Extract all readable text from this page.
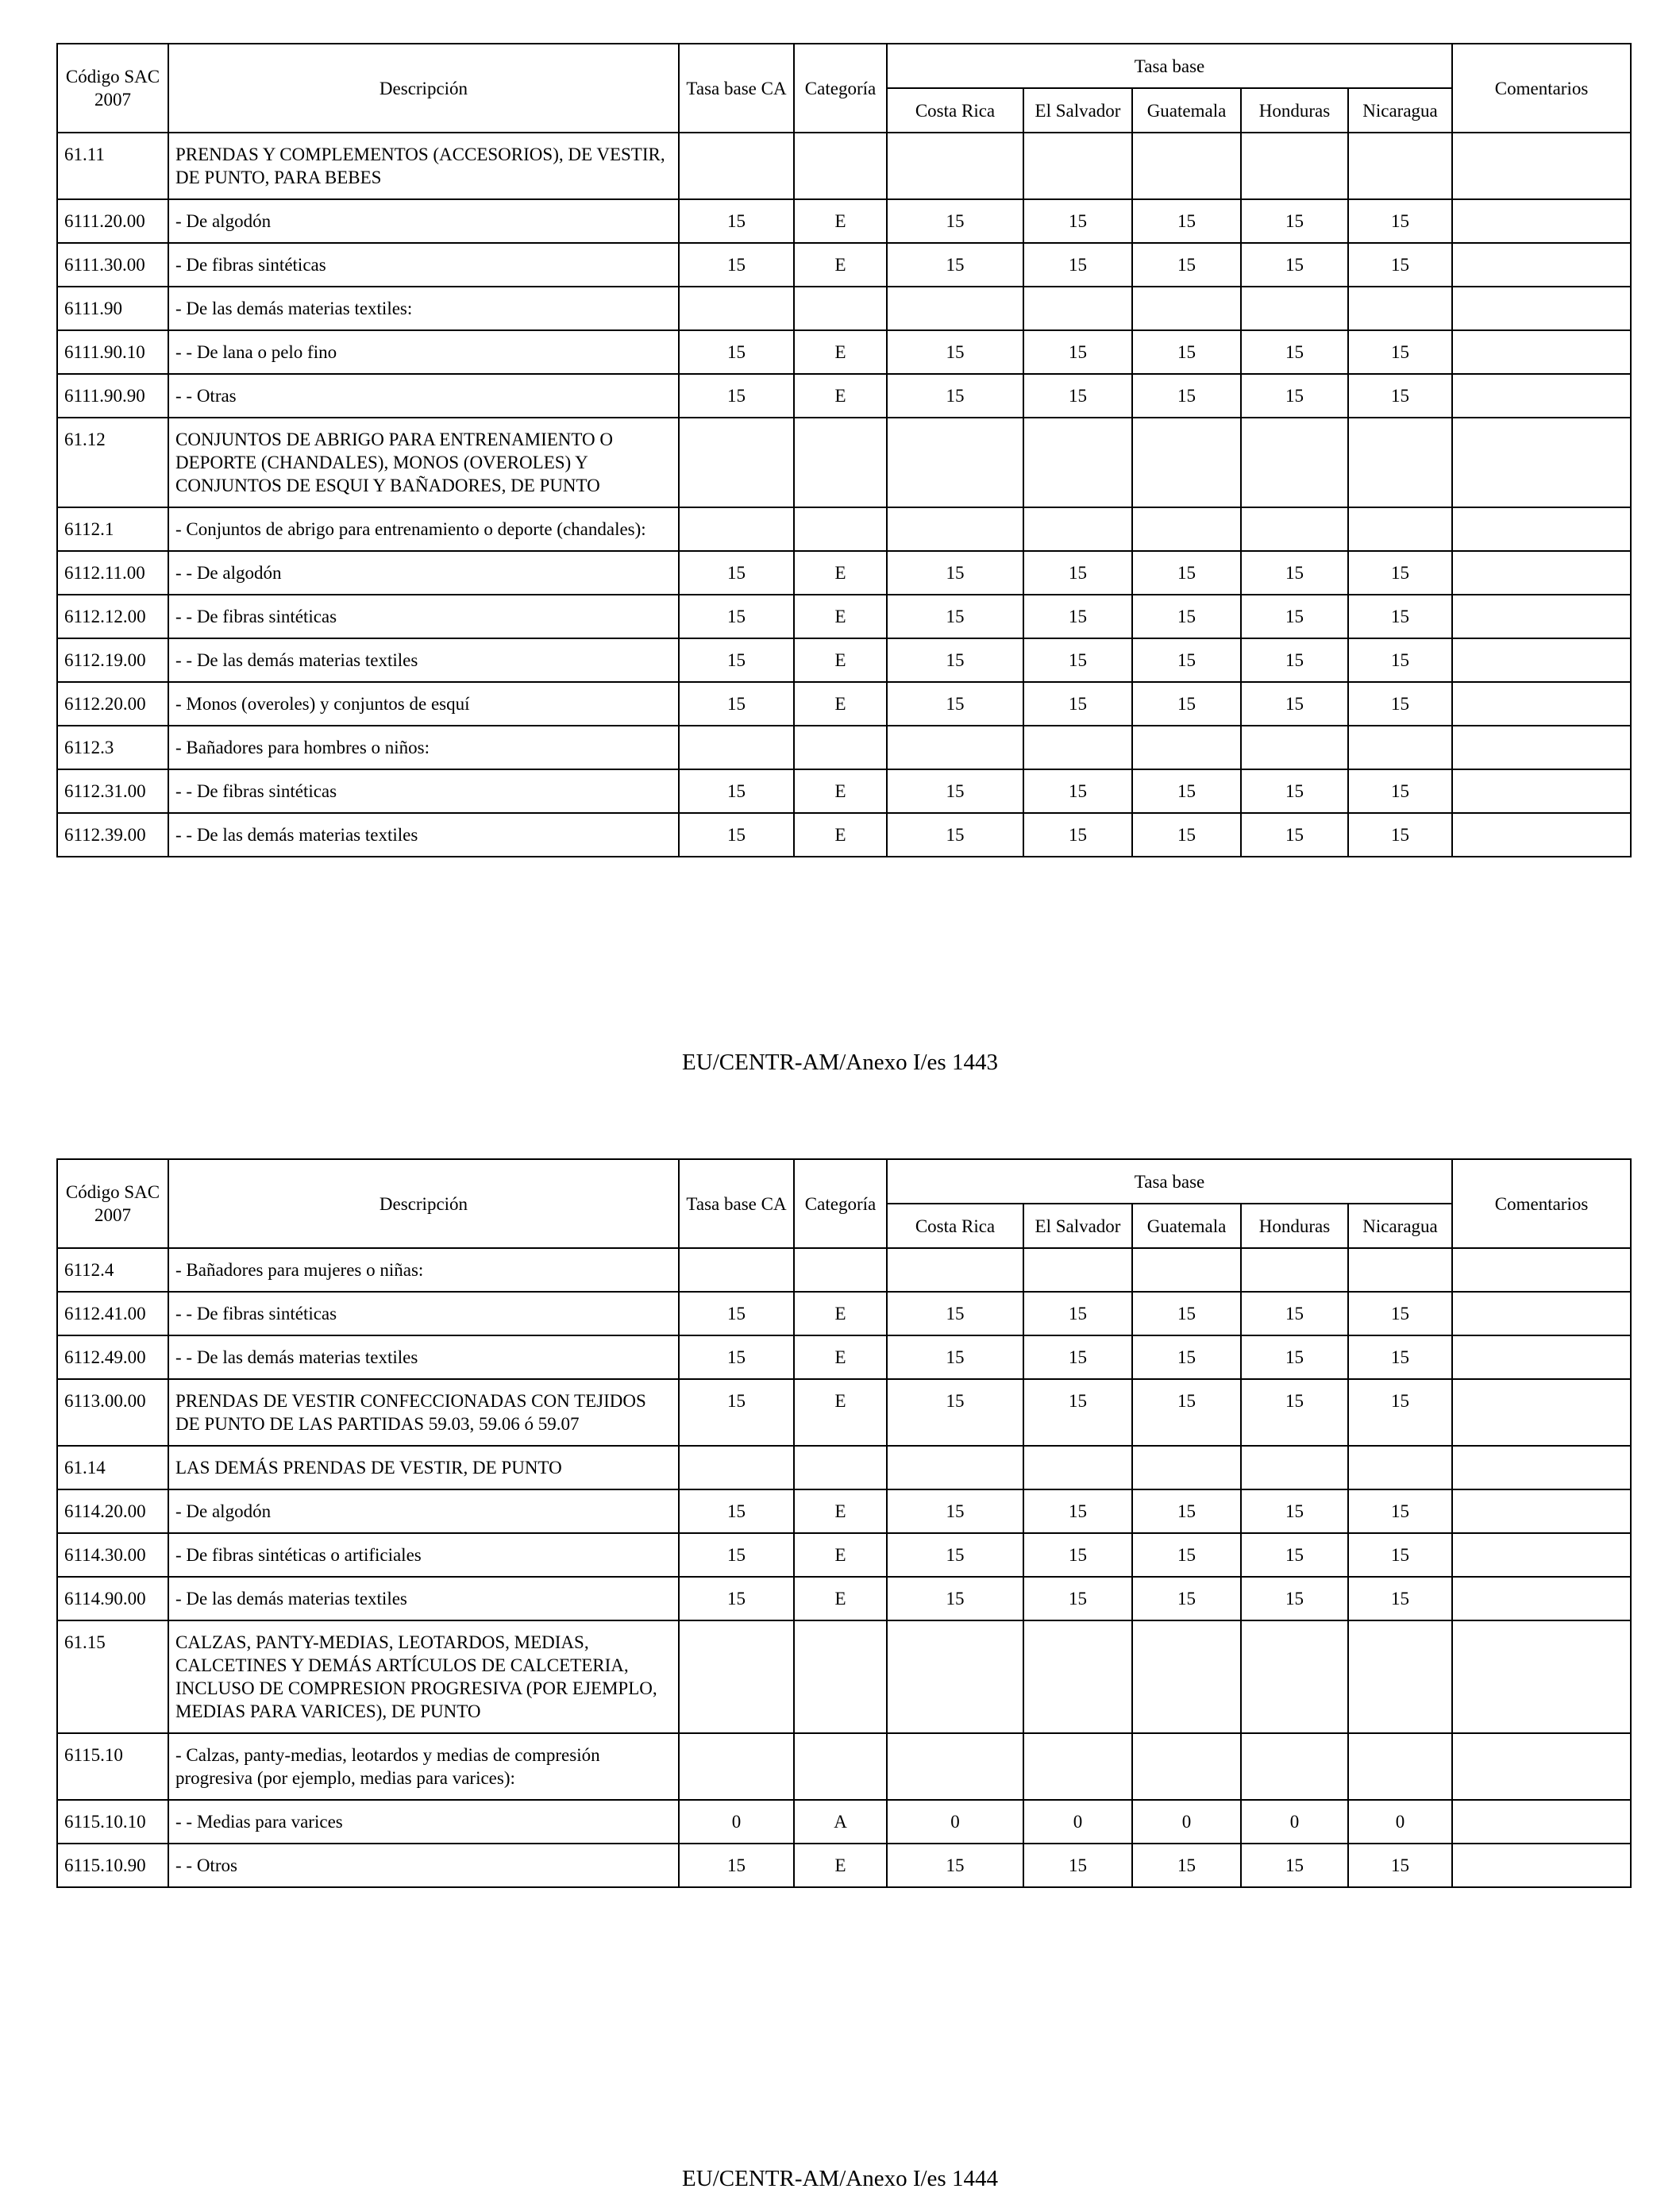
Código SAC 2007	Descripción	Tasa base CA	Categoría	Tasa base					Comentarios
				Costa Rica	El Salvador	Guatemala	Honduras	Nicaragua	
61.11	PRENDAS Y COMPLEMENTOS (ACCESORIOS), DE VESTIR, DE PUNTO, PARA BEBES								
6111.20.00	- De algodón	15	E	15	15	15	15	15	
6111.30.00	- De fibras sintéticas	15	E	15	15	15	15	15	
6111.90	- De las demás materias textiles:								
6111.90.10	- - De lana o pelo fino	15	E	15	15	15	15	15	
6111.90.90	- - Otras	15	E	15	15	15	15	15	
61.12	CONJUNTOS DE ABRIGO PARA ENTRENAMIENTO O DEPORTE (CHANDALES), MONOS (OVEROLES) Y CONJUNTOS DE ESQUI Y BAÑADORES, DE PUNTO								
6112.1	- Conjuntos de abrigo para entrenamiento o deporte (chandales):								
6112.11.00	- - De algodón	15	E	15	15	15	15	15	
6112.12.00	- - De fibras sintéticas	15	E	15	15	15	15	15	
6112.19.00	- - De las demás materias textiles	15	E	15	15	15	15	15	
6112.20.00	- Monos (overoles) y conjuntos de esquí	15	E	15	15	15	15	15	
6112.3	- Bañadores para hombres o niños:								
6112.31.00	- - De fibras sintéticas	15	E	15	15	15	15	15	
6112.39.00	- - De las demás materias textiles	15	E	15	15	15	15	15	
EU/CENTR-AM/Anexo I/es 1443
Código SAC 2007	Descripción	Tasa base CA	Categoría	Tasa base					Comentarios
				Costa Rica	El Salvador	Guatemala	Honduras	Nicaragua	
6112.4	- Bañadores para mujeres o niñas:								
6112.41.00	- - De fibras sintéticas	15	E	15	15	15	15	15	
6112.49.00	- - De las demás materias textiles	15	E	15	15	15	15	15	
6113.00.00	PRENDAS DE VESTIR CONFECCIONADAS CON TEJIDOS DE PUNTO DE LAS PARTIDAS 59.03, 59.06 ó 59.07	15	E	15	15	15	15	15	
61.14	LAS DEMÁS PRENDAS DE VESTIR, DE PUNTO								
6114.20.00	- De algodón	15	E	15	15	15	15	15	
6114.30.00	- De fibras sintéticas o artificiales	15	E	15	15	15	15	15	
6114.90.00	- De las demás materias textiles	15	E	15	15	15	15	15	
61.15	CALZAS, PANTY-MEDIAS, LEOTARDOS, MEDIAS, CALCETINES Y DEMÁS ARTÍCULOS DE CALCETERIA, INCLUSO DE COMPRESION PROGRESIVA (POR EJEMPLO, MEDIAS PARA VARICES), DE PUNTO								
6115.10	- Calzas, panty-medias, leotardos y medias de compresión progresiva (por ejemplo, medias para varices):								
6115.10.10	- - Medias para varices	0	A	0	0	0	0	0	
6115.10.90	- - Otros	15	E	15	15	15	15	15	
EU/CENTR-AM/Anexo I/es 1444
